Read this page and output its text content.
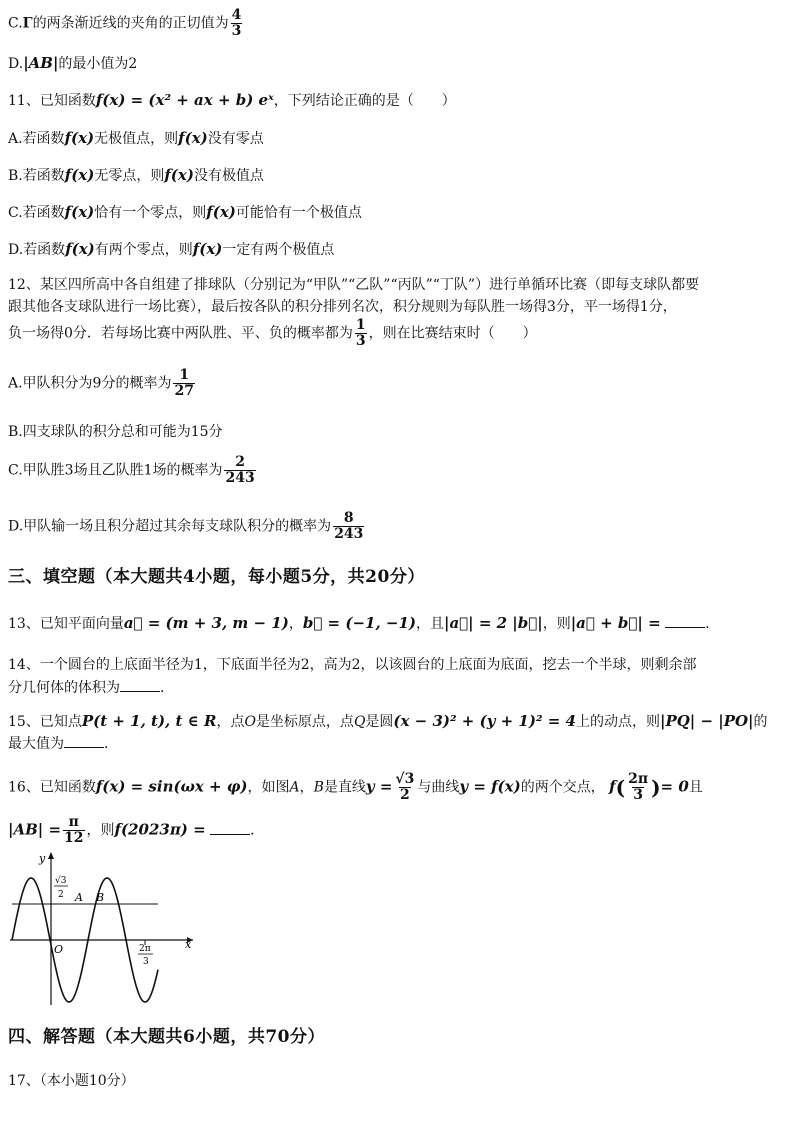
C.Γ的两条渐近线的夹角的正切值为 $\frac{4}{3}$
D.|AB|的最小值为2
11、已知函数f(x) = (x² + ax + b) eˣ，下列结论正确的是（　　）
A.若函数f(x)无极值点，则f(x)没有零点
B.若函数f(x)无零点，则f(x)没有极值点
C.若函数f(x)恰有一个零点，则f(x)可能恰有一个极值点
D.若函数f(x)有两个零点，则f(x)一定有两个极值点
12、某区四所高中各自组建了排球队（分别记为“甲队”“乙队”“丙队”“丁队”）进行单循环比赛（即每支球队都要
跟其他各支球队进行一场比赛），最后按各队的积分排列名次，积分规则为每队胜一场得3分，平一场得1分，
负一场得0分．若每场比赛中两队胜、平、负的概率都为 $\frac{1}{3}$ ，则在比赛结束时（　　）
A.甲队积分为9分的概率为 $\frac{1}{27}$
B.四支球队的积分总和可能为15分
C.甲队胜3场且乙队胜1场的概率为 $\frac{2}{243}$
D.甲队输一场且积分超过其余每支球队积分的概率为 $\frac{8}{243}$
三、填空题（本大题共4小题，每小题5分，共20分）
13、已知平面向量a⃗ = (m + 3, m − 1)，b⃗ = (−1, −1)，且|a⃗| = 2 |b⃗|，则|a⃗ + b⃗| =	．
14、一个圆台的上底面半径为1，下底面半径为2，高为2，以该圆台的上底面为底面，挖去一个半球，则剩余部
分几何体的体积为	．
15、已知点P(t + 1, t), t ∈ R，点O是坐标原点，点Q是圆(x − 3)² + (y + 1)² = 4上的动点，则|PQ| − |PO|的
最大值为	．
16、已知函数f(x) = sin(ωx + φ)，如图A，B是直线$y = \frac{√3}{2}$ 与曲线y = f(x)的两个交点， $f( \frac{2\pi}{3}$ )= 0且
$|AB| = \frac{\pi}{12}$ ，则f(2023π) =	．
y
x
O
√3
2 A B
2π
3
四、解答题（本大题共6小题，共70分）
17、（本小题10分）
